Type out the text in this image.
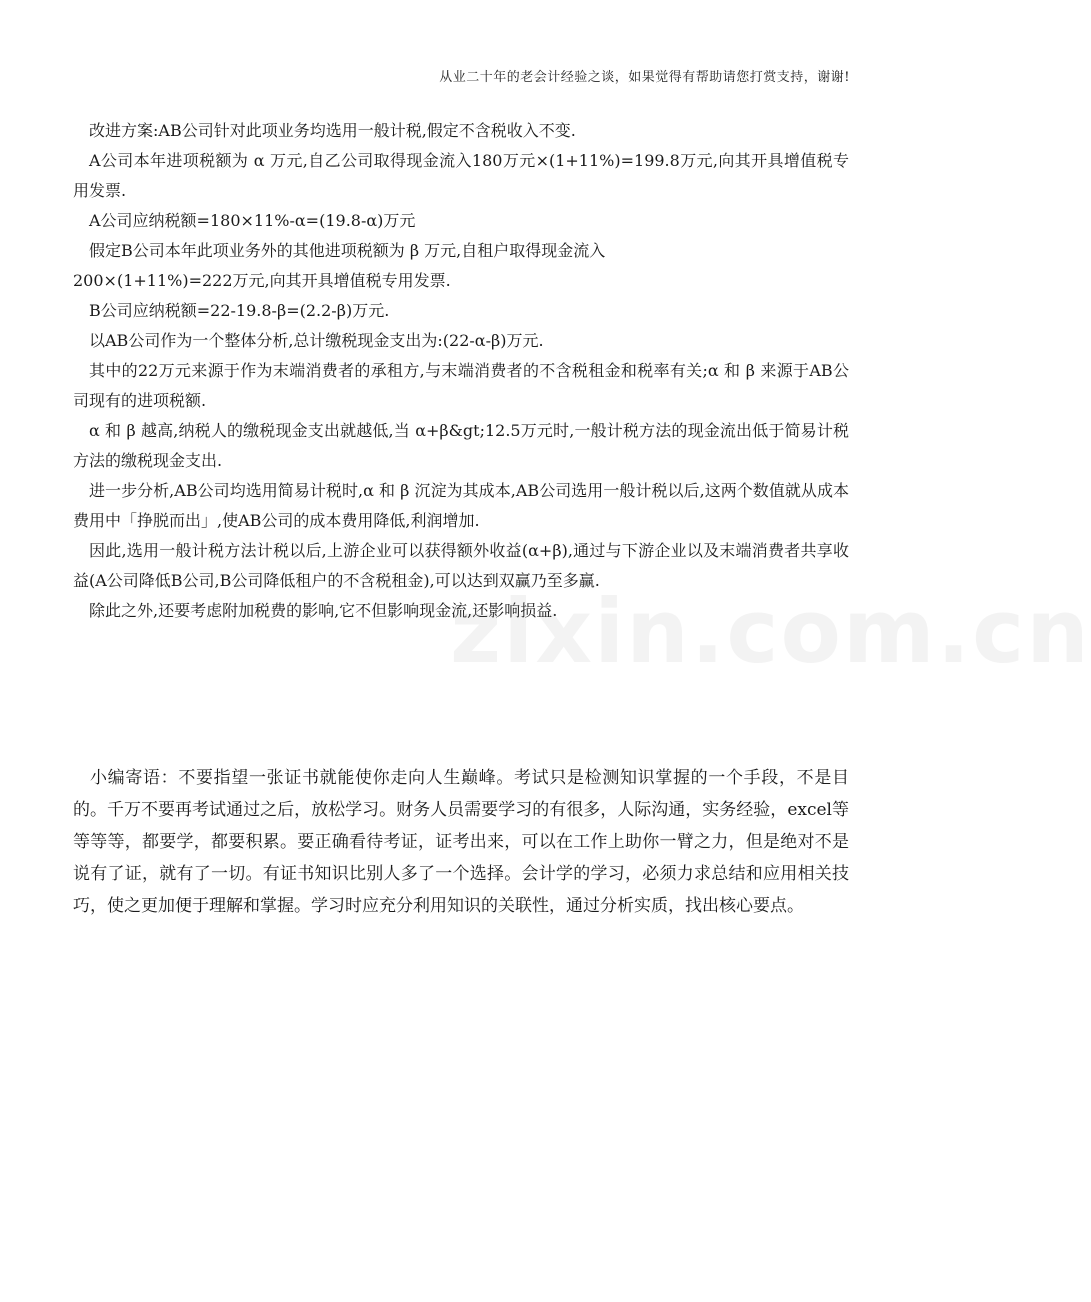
从业二十年的老会计经验之谈，如果觉得有帮助请您打赏支持，谢谢!

改进方案:AB公司针对此项业务均选用一般计税,假定不含税收入不变.

A公司本年进项税额为 α 万元,自乙公司取得现金流入180万元×(1+11%)=199.8万元,向其开具增值税专用发票.

A公司应纳税额=180×11%-α=(19.8-α)万元

假定B公司本年此项业务外的其他进项税额为 β 万元,自租户取得现金流入

200×(1+11%)=222万元,向其开具增值税专用发票.

B公司应纳税额=22-19.8-β=(2.2-β)万元.

以AB公司作为一个整体分析,总计缴税现金支出为:(22-α-β)万元.

其中的22万元来源于作为末端消费者的承租方,与末端消费者的不含税租金和税率有关;α 和 β 来源于AB公司现有的进项税额.

α 和 β 越高,纳税人的缴税现金支出就越低,当 α+β&gt;12.5万元时,一般计税方法的现金流出低于简易计税方法的缴税现金支出.

进一步分析,AB公司均选用简易计税时,α 和 β 沉淀为其成本,AB公司选用一般计税以后,这两个数值就从成本费用中「挣脱而出」,使AB公司的成本费用降低,利润增加.

因此,选用一般计税方法计税以后,上游企业可以获得额外收益(α+β),通过与下游企业以及末端消费者共享收益(A公司降低B公司,B公司降低租户的不含税租金),可以达到双赢乃至多赢.

除此之外,还要考虑附加税费的影响,它不但影响现金流,还影响损益.

小编寄语：不要指望一张证书就能使你走向人生巅峰。考试只是检测知识掌握的一个手段，不是目的。千万不要再考试通过之后，放松学习。财务人员需要学习的有很多，人际沟通，实务经验，excel等等等等，都要学，都要积累。要正确看待考证，证考出来，可以在工作上助你一臂之力，但是绝对不是说有了证，就有了一切。有证书知识比别人多了一个选择。会计学的学习，必须力求总结和应用相关技巧，使之更加便于理解和掌握。学习时应充分利用知识的关联性，通过分析实质，找出核心要点。

zixin.com.cn
